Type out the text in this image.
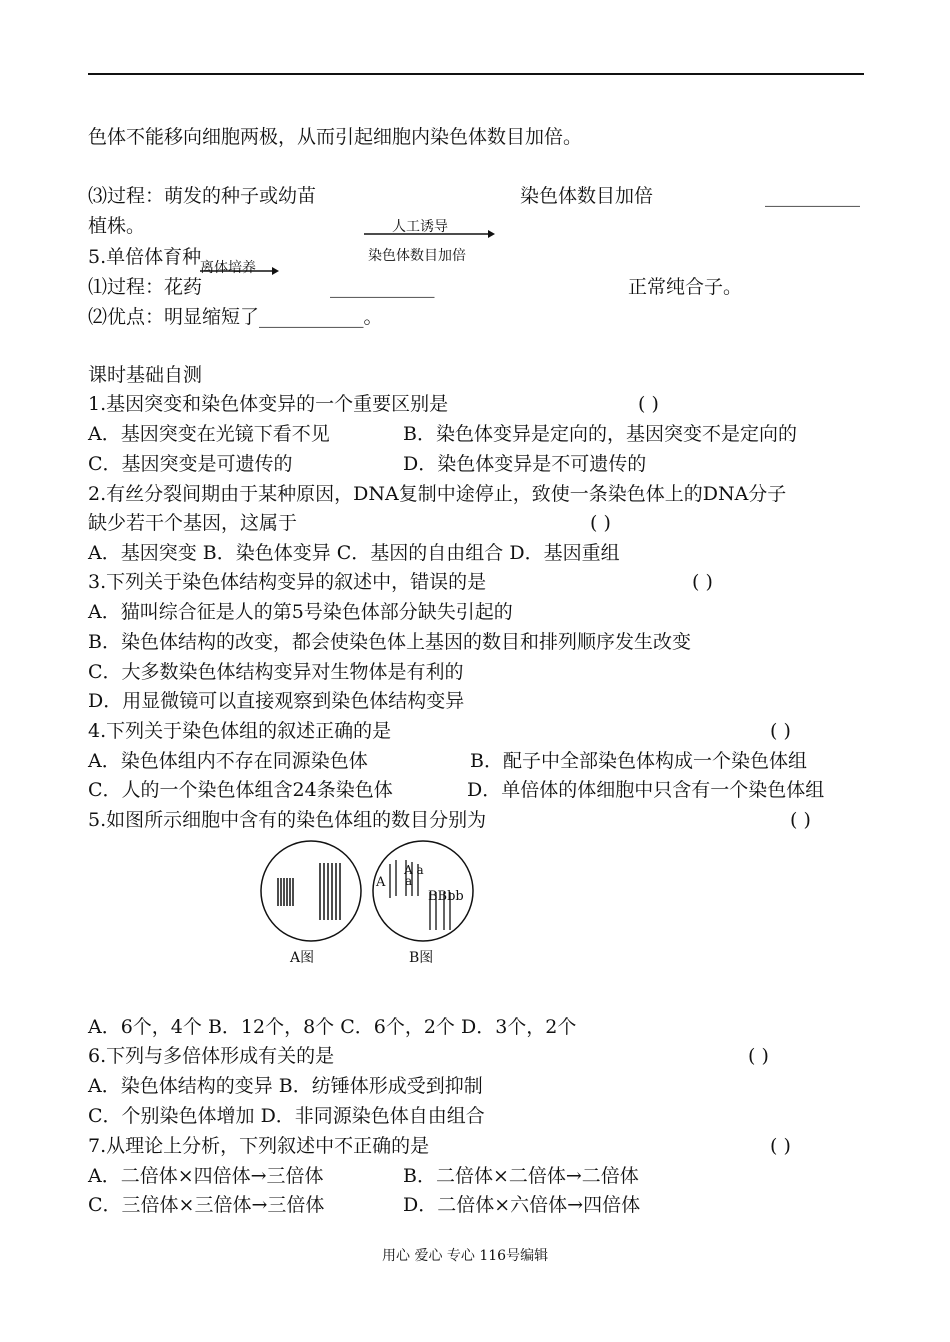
色体不能移向细胞两极，从而引起细胞内染色体数目加倍。
⑶过程：萌发的种子或幼苗	染色体数目加倍	__________
植株。	人工诱导
染色体数目加倍
5.单倍体育种
离体培养
⑴过程：花药	___________	正常纯合子。
⑵优点：明显缩短了___________。
课时基础自测
1.基因突变和染色体变异的一个重要区别是	( )
A．基因突变在光镜下看不见	B．染色体变异是定向的，基因突变不是定向的
C．基因突变是可遗传的	D．染色体变异是不可遗传的
2.有丝分裂间期由于某种原因，DNA复制中途停止，致使一条染色体上的DNA分子
缺少若干个基因，这属于	( )
A．基因突变 B．染色体变异 C．基因的自由组合 D．基因重组
3.下列关于染色体结构变异的叙述中，错误的是	( )
A．猫叫综合征是人的第5号染色体部分缺失引起的
B．染色体结构的改变，都会使染色体上基因的数目和排列顺序发生改变
C．大多数染色体结构变异对生物体是有利的
D．用显微镜可以直接观察到染色体结构变异
4.下列关于染色体组的叙述正确的是	( )
A．染色体组内不存在同源染色体	B．配子中全部染色体构成一个染色体组
C．人的一个染色体组含24条染色体	D．单倍体的体细胞中只含有一个染色体组
5.如图所示细胞中含有的染色体组的数目分别为	( )
A图
A
A a
a
BBbb
B图
A．6个，4个 B．12个，8个 C．6个，2个 D．3个，2个
6.下列与多倍体形成有关的是	( )
A．染色体结构的变异 B．纺锤体形成受到抑制
C．个别染色体增加 D．非同源染色体自由组合
7.从理论上分析，下列叙述中不正确的是	( )
A．二倍体×四倍体→三倍体	B．二倍体×二倍体→二倍体
C．三倍体×三倍体→三倍体	D．二倍体×六倍体→四倍体
用心 爱心 专心 116号编辑
